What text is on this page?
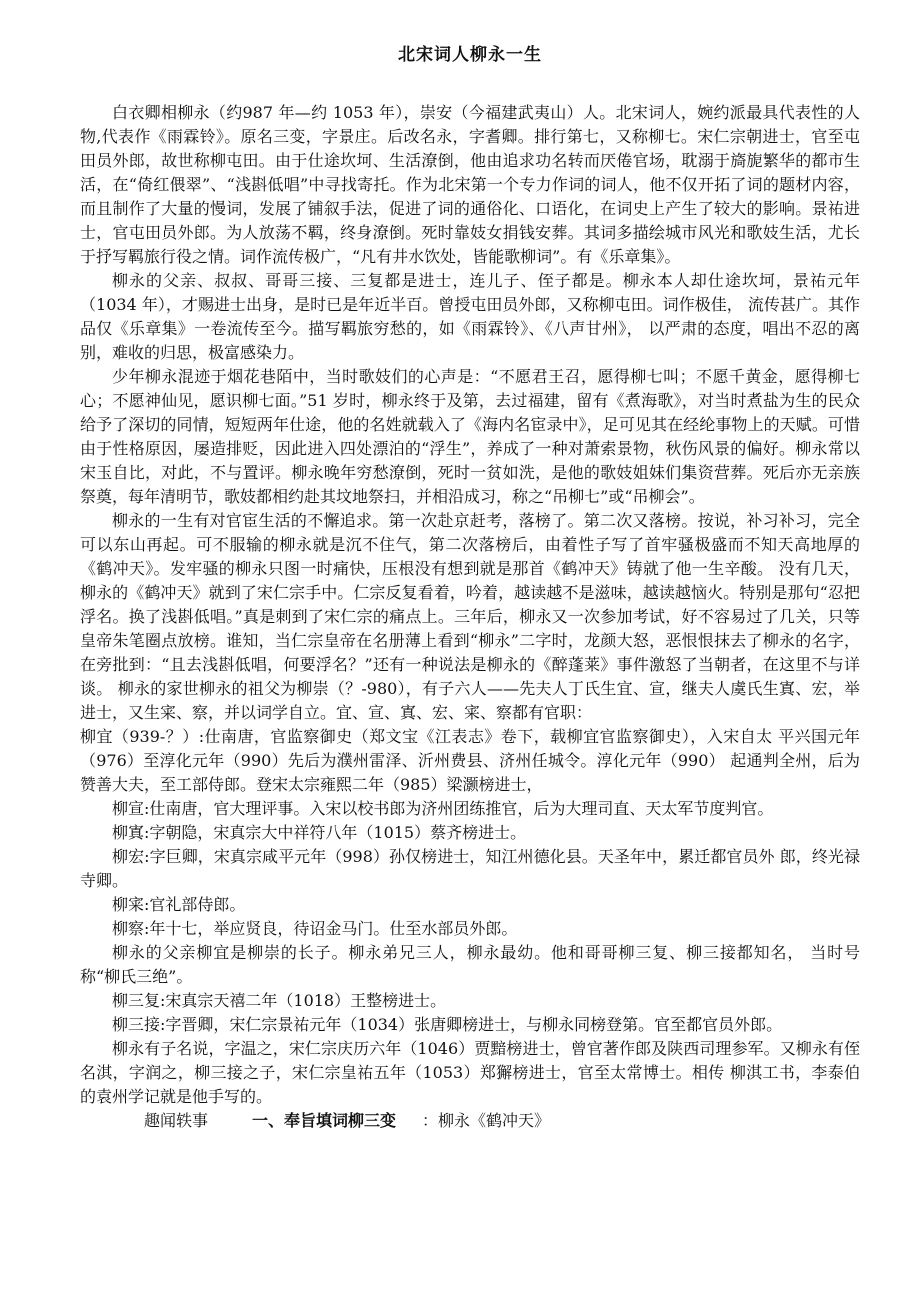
北宋词人柳永一生

白衣卿相柳永（约987 年—约 1053 年），崇安（今福建武夷山）人。北宋词人，婉约派最具代表性的人物,代表作《雨霖铃》。原名三变，字景庄。后改名永，字耆卿。排行第七，又称柳七。宋仁宗朝进士，官至屯田员外郎，故世称柳屯田。由于仕途坎坷、生活潦倒，他由追求功名转而厌倦官场，耽溺于旖旎繁华的都市生活，在“倚红偎翠”、“浅斟低唱”中寻找寄托。作为北宋第一个专力作词的词人，他不仅开拓了词的题材内容，而且制作了大量的慢词，发展了铺叙手法，促进了词的通俗化、口语化，在词史上产生了较大的影响。景祐进士，官屯田员外郎。为人放荡不羁，终身潦倒。死时靠妓女捐钱安葬。其词多描绘城市风光和歌妓生活，尤长于抒写羁旅行役之情。词作流传极广，“凡有井水饮处，皆能歌柳词”。有《乐章集》。

柳永的父亲、叔叔、哥哥三接、三复都是进士，连儿子、侄子都是。柳永本人却仕途坎坷，景祐元年（1034 年），才赐进士出身，是时已是年近半百。曾授屯田员外郎，又称柳屯田。词作极佳， 流传甚广。其作品仅《乐章集》一卷流传至今。描写羁旅穷愁的，如《雨霖铃》、《八声甘州》， 以严肃的态度，唱出不忍的离别，难收的归思，极富感染力。

少年柳永混迹于烟花巷陌中，当时歌妓们的心声是：“不愿君王召，愿得柳七叫；不愿千黄金，愿得柳七心；不愿神仙见，愿识柳七面。”51 岁时，柳永终于及第，去过福建，留有《煮海歌》，对当时煮盐为生的民众给予了深切的同情，短短两年仕途，他的名姓就载入了《海内名宦录中》，足可见其在经纶事物上的天赋。可惜由于性格原因，屡造排贬，因此进入四处漂泊的“浮生”，养成了一种对萧索景物，秋伤风景的偏好。柳永常以宋玉自比，对此，不与置评。柳永晚年穷愁潦倒，死时一贫如洗，是他的歌妓姐妹们集资营葬。死后亦无亲族祭奠，每年清明节，歌妓都相约赴其坟地祭扫，并相沿成习，称之“吊柳七”或“吊柳会”。

柳永的一生有对官宦生活的不懈追求。第一次赴京赶考，落榜了。第二次又落榜。按说，补习补习，完全可以东山再起。可不服输的柳永就是沉不住气，第二次落榜后，由着性子写了首牢骚极盛而不知天高地厚的《鹤冲天》。发牢骚的柳永只图一时痛快，压根没有想到就是那首《鹤冲天》铸就了他一生辛酸。 没有几天，柳永的《鹤冲天》就到了宋仁宗手中。仁宗反复看着，吟着，越读越不是滋味，越读越恼火。特别是那句“忍把浮名。换了浅斟低唱。”真是刺到了宋仁宗的痛点上。三年后，柳永又一次参加考试，好不容易过了几关，只等皇帝朱笔圈点放榜。谁知，当仁宗皇帝在名册薄上看到“柳永”二字时，龙颜大怒，恶恨恨抹去了柳永的名字，在旁批到：“且去浅斟低唱，何要浮名？”还有一种说法是柳永的《醉蓬莱》事件激怒了当朝者，在这里不与详谈。 柳永的家世柳永的祖父为柳崇（？-980），有子六人——先夫人丁氏生宜、宣，继夫人虞氏生寘、宏，举进士，又生宷、察，并以词学自立。宜、宣、寘、宏、宷、察都有官职：

柳宜（939-？）:仕南唐，官监察御史（郑文宝《江表志》卷下，载柳宜官监察御史），入宋自太 平兴国元年（976）至淳化元年（990）先后为濮州雷泽、沂州费县、济州任城令。淳化元年（990） 起通判全州，后为赞善大夫，至工部侍郎。登宋太宗雍熙二年（985）梁灏榜进士，

柳宣:仕南唐，官大理评事。入宋以校书郎为济州团练推官，后为大理司直、天太军节度判官。

柳寘:字朝隐，宋真宗大中祥符八年（1015）蔡齐榜进士。

柳宏:字巨卿，宋真宗咸平元年（998）孙仅榜进士，知江州德化县。天圣年中，累迁都官员外 郎，终光禄寺卿。

柳宷:官礼部侍郎。

柳察:年十七，举应贤良，待诏金马门。仕至水部员外郎。

柳永的父亲柳宜是柳崇的长子。柳永弟兄三人，柳永最幼。他和哥哥柳三复、柳三接都知名， 当时号称“柳氏三绝”。

柳三复:宋真宗天禧二年（1018）王整榜进士。

柳三接:字晋卿，宋仁宗景祐元年（1034）张唐卿榜进士，与柳永同榜登第。官至都官员外郎。

柳永有子名说，字温之，宋仁宗庆历六年（1046）贾黯榜进士，曾官著作郎及陕西司理参军。又柳永有侄名淇，字润之，柳三接之子，宋仁宗皇祐五年（1053）郑獬榜进士，官至太常博士。相传 柳淇工书，李泰伯的袁州学记就是他手写的。

趣闻轶事	一、奉旨填词柳三变 ：柳永《鹤冲天》
